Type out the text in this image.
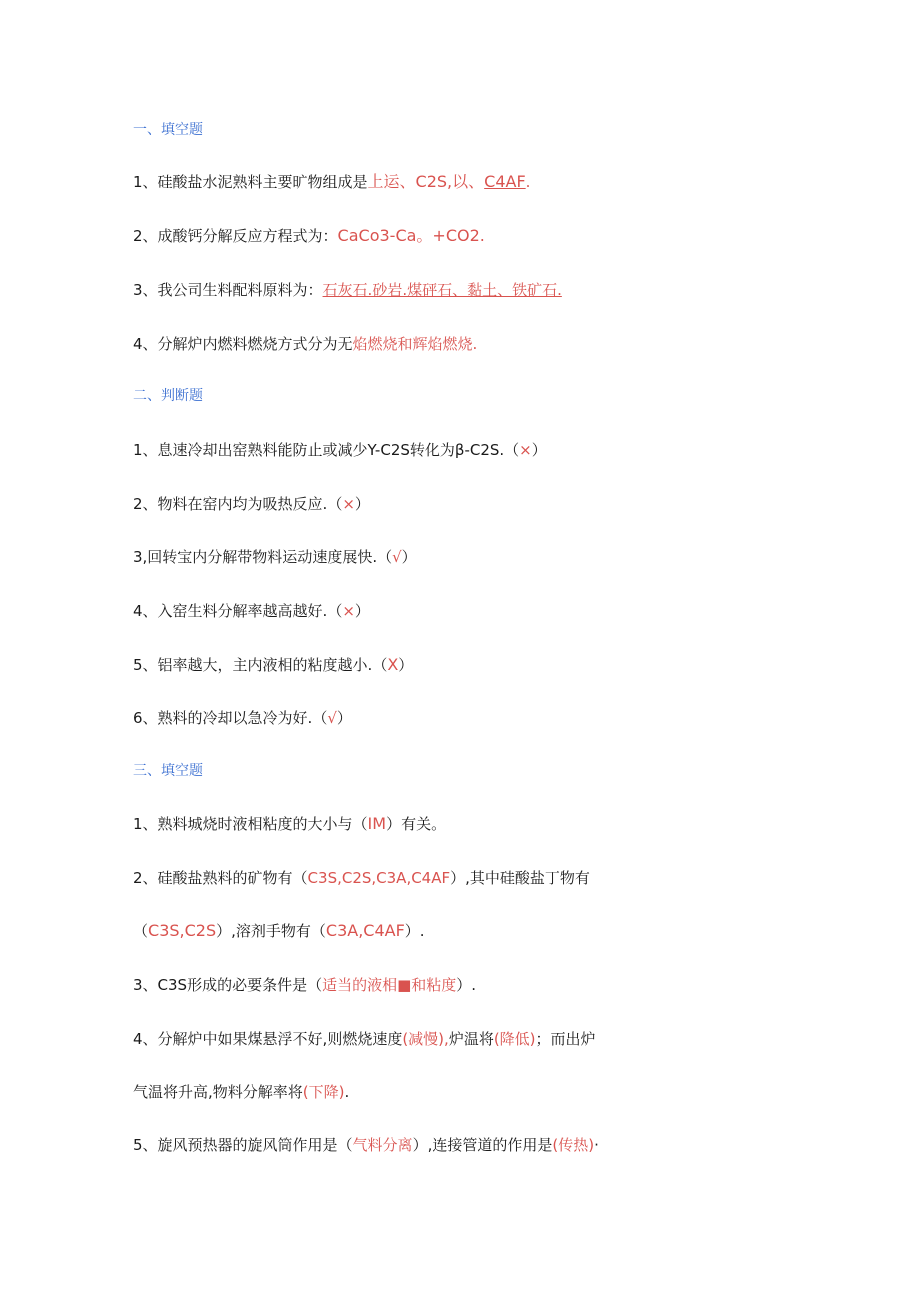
一、填空题
1、硅酸盐水泥熟料主要旷物组成是上运、C2S,以、C4AF.
2、成酸钙分解反应方程式为：CaCo3-Ca。+CO2.
3、我公司生料配料原料为：石灰石.砂岩.煤砰石、黏土、铁矿石.
4、分解炉内燃料燃烧方式分为无焰燃烧和辉焰燃烧.
二、判断题
1、息速冷却出窑熟料能防止或减少Y-C2S转化为β-C2S.（×）
2、物料在窑内均为吸热反应.（×）
3,回转宝内分解带物料运动速度展快.（√）
4、入窑生料分解率越高越好.（×）
5、铝率越大，主内液相的粘度越小.（X）
6、熟料的冷却以急冷为好.（√）
三、填空题
1、熟料城烧时液相粘度的大小与（IM）有关。
2、硅酸盐熟料的矿物有（C3S,C2S,C3A,C4AF）,其中硅酸盐丁物有
（C3S,C2S）,溶剂手物有（C3A,C4AF）.
3、C3S形成的必要条件是（适当的液相■和粘度）.
4、分解炉中如果煤悬浮不好,则燃烧速度(减慢),炉温将(降低)；而出炉
气温将升高,物料分解率将(下降).
5、旋风预热器的旋风筒作用是（气料分离）,连接管道的作用是(传热)·
